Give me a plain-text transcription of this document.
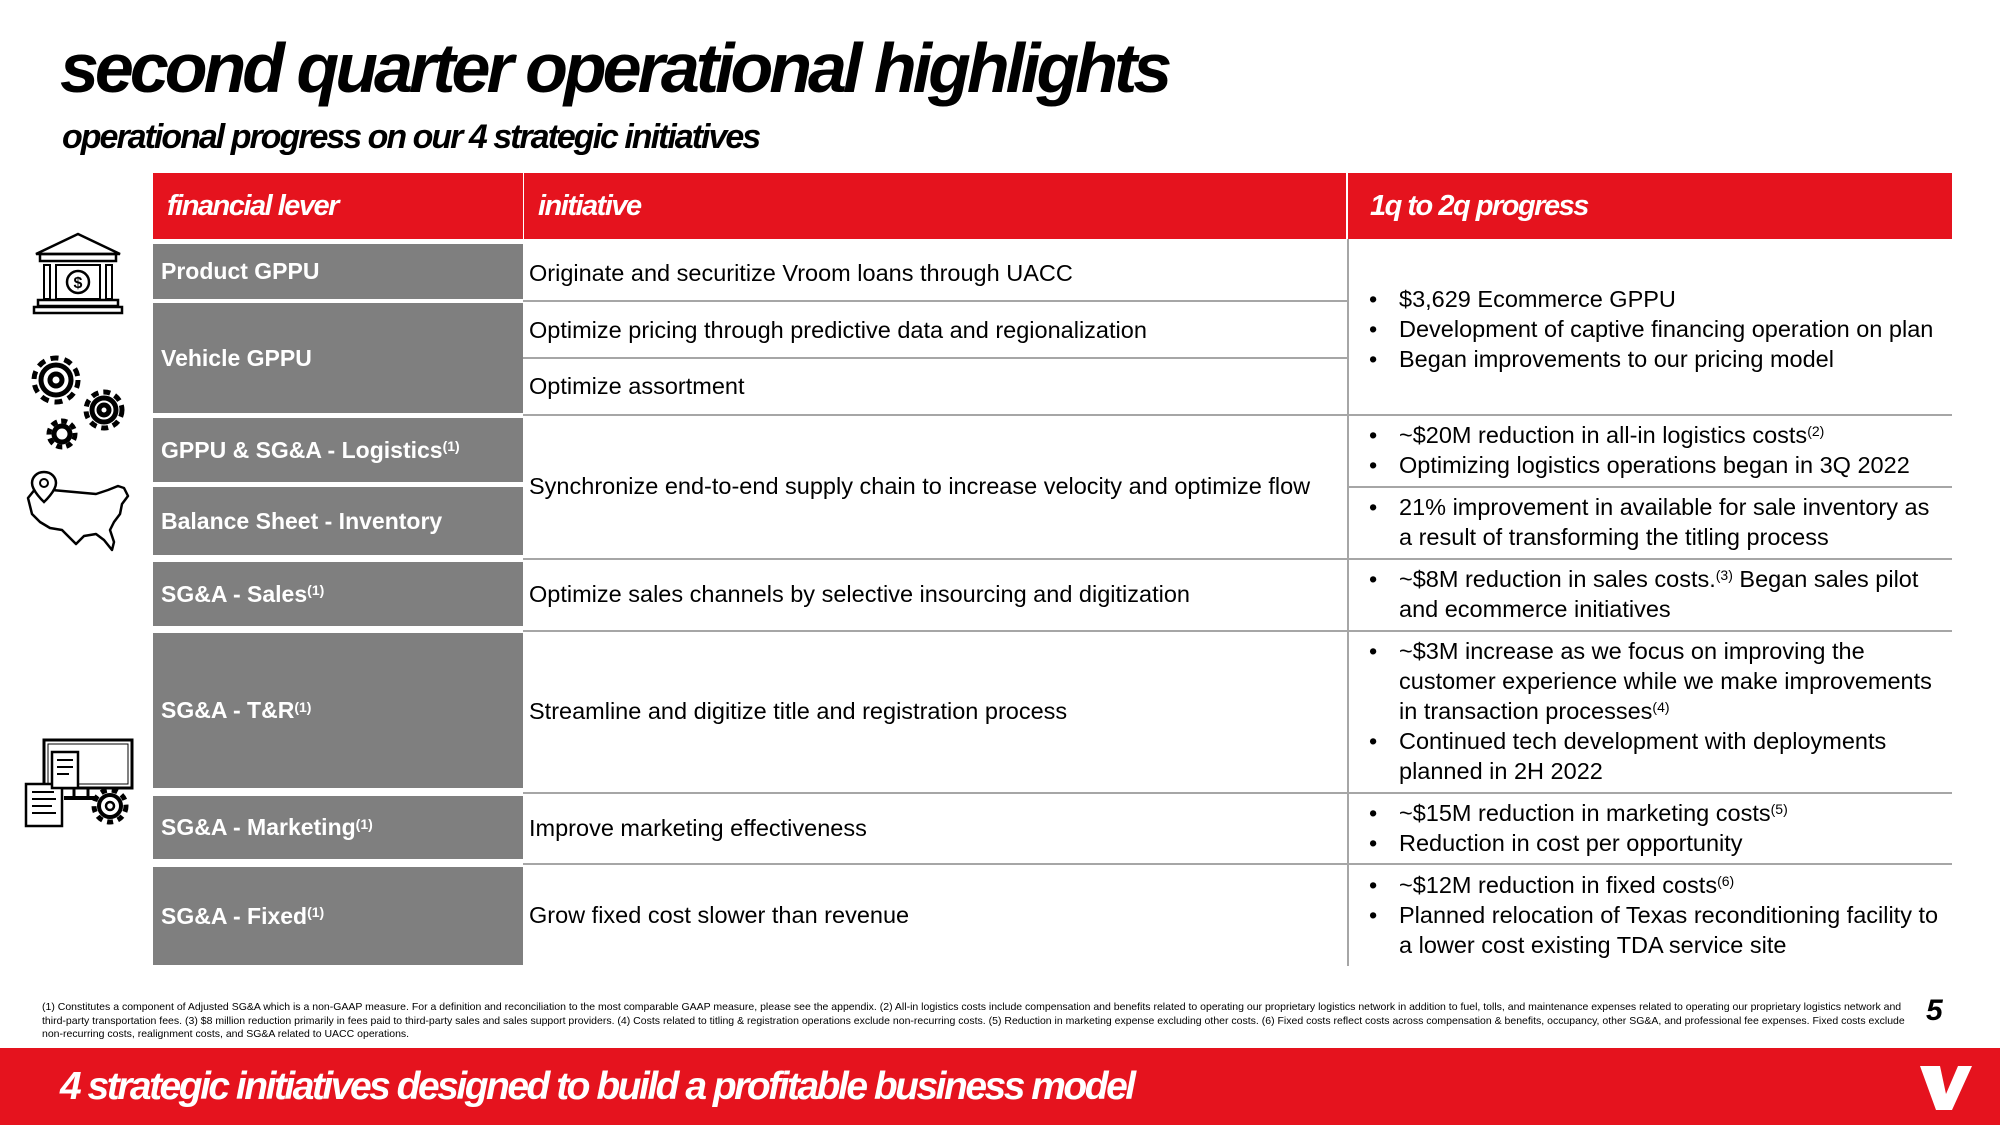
second quarter operational highlights
operational progress on our 4 strategic initiatives
financial lever	initiative	1q to 2q progress
Product GPPU
Vehicle GPPU
GPPU & SG&A - Logistics$^{(1)}$
Balance Sheet - Inventory
SG&A - Sales$^{(1)}$
SG&A - $T\&R^{(1)}$
SG&A - Marketing$^{(1)}$
SG&A - Fixed$^{(1)}$
Originate and securitize Vroom loans through UACC
Optimize pricing through predictive data and regionalization
Optimize assortment
Synchronize end-to-end supply chain to increase velocity and optimize flow
Optimize sales channels by selective insourcing and digitization
Streamline and digitize title and registration process
Improve marketing effectiveness
Grow fixed cost slower than revenue
• $3,629 Ecommerce GPPU
• Development of captive financing operation on plan
• Began improvements to our pricing model
• ~$20M reduction in all-in logistics costs$^{(2)}$
• Optimizing logistics operations began in 3Q 2022
• 21% improvement in available for sale inventory as a result of transforming the titling process
• ~$8M reduction in sales costs.$^{(3)}$ Began sales pilot and ecommerce initiatives
• ~$3M increase as we focus on improving the customer experience while we make improvements in transaction processes$^{(4)}$
• Continued tech development with deployments planned in 2H 2022
• ~$15M reduction in marketing costs$^{(5)}$
• Reduction in cost per opportunity
• ~$12M reduction in fixed costs$^{(6)}$
• Planned relocation of Texas reconditioning facility to a lower cost existing TDA service site
$
(1) Constitutes a component of Adjusted SG&A which is a non-GAAP measure. For a definition and reconciliation to the most comparable GAAP measure, please see the appendix. (2) All-in logistics costs include compensation and benefits related to operating our proprietary logistics network in addition to fuel, tolls, and maintenance expenses related to operating our proprietary logistics network and third-party transportation fees. (3) $8 million reduction primarily in fees paid to third-party sales and sales support providers. (4) Costs related to titling & registration operations exclude non-recurring costs. (5) Reduction in marketing expense excluding other costs. (6) Fixed costs reflect costs across compensation & benefits, occupancy, other SG&A, and professional fee expenses. Fixed costs exclude non-recurring costs, realignment costs, and SG&A related to UACC operations.
5
4 strategic initiatives designed to build a profitable business model
